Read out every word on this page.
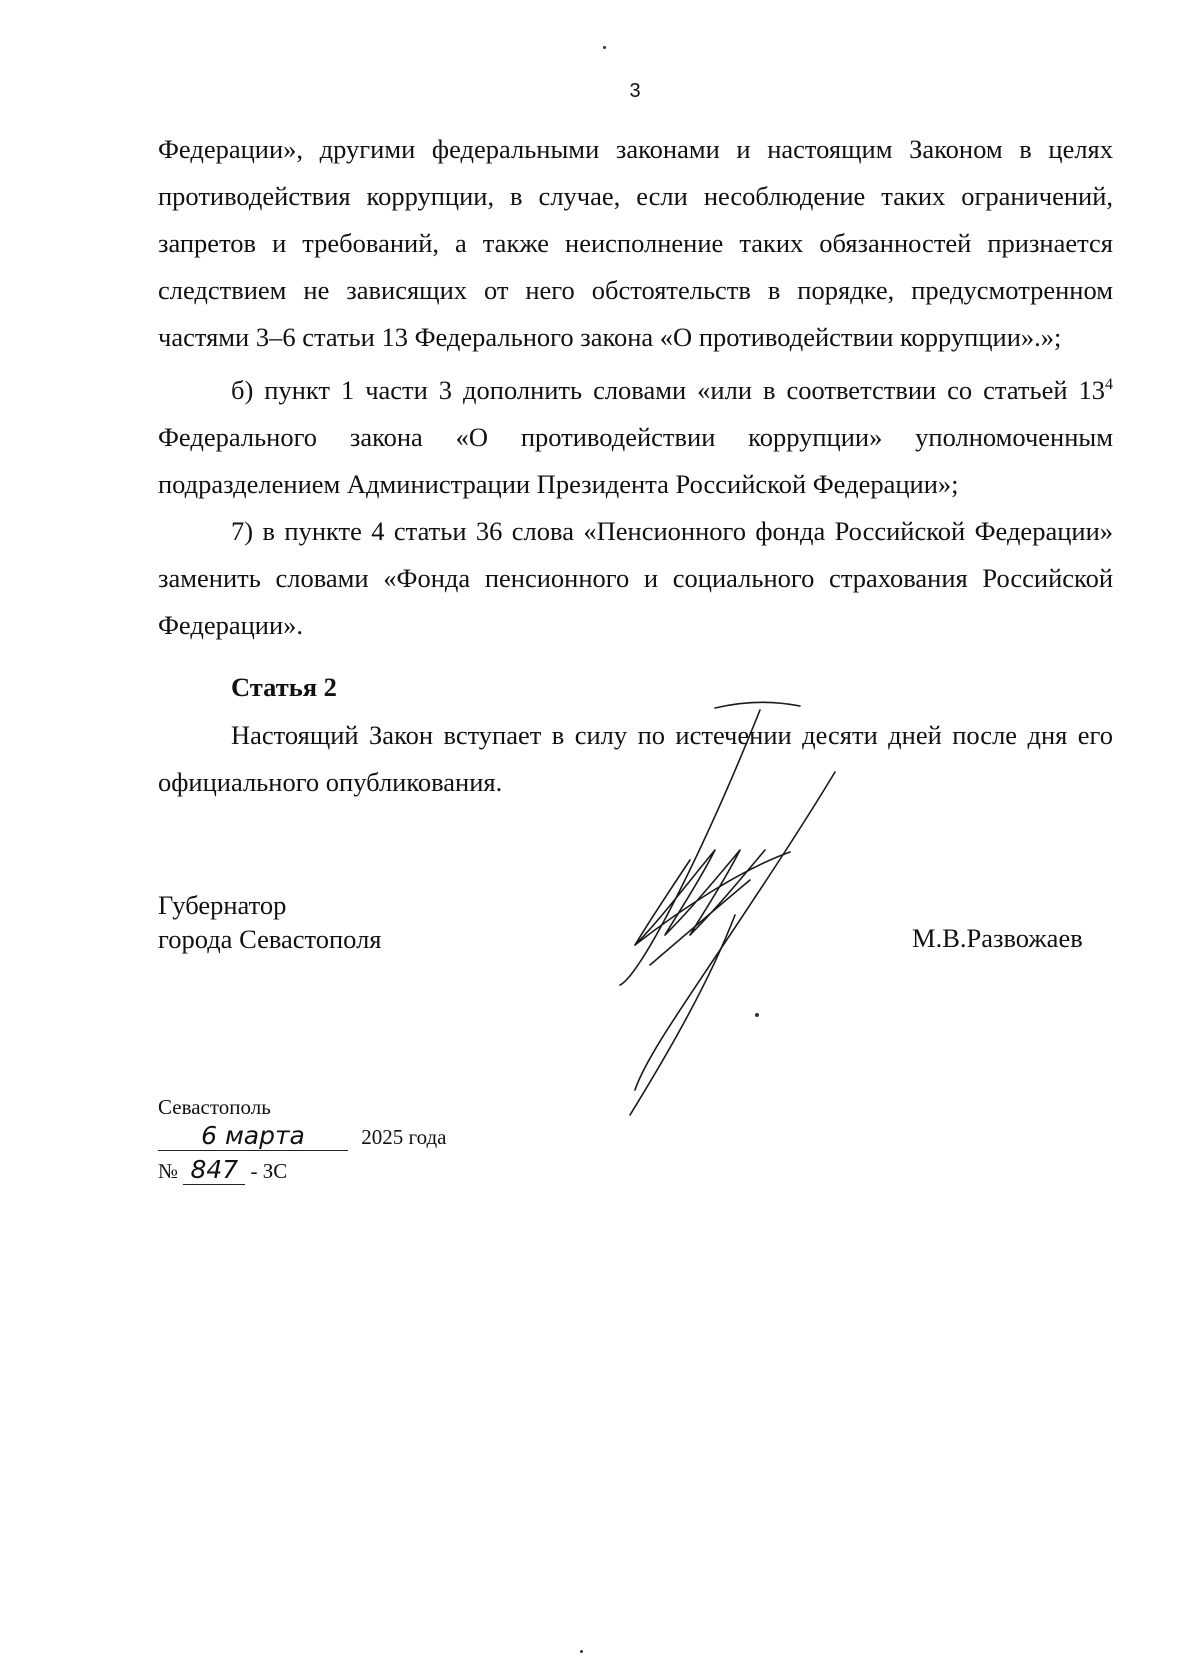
3

Федерации», другими федеральными законами и настоящим Законом в целях противодействия коррупции, в случае, если несоблюдение таких ограничений, запретов и требований, а также неисполнение таких обязанностей признается следствием не зависящих от него обстоятельств в порядке, предусмотренном частями 3–6 статьи 13 Федерального закона «О противодействии коррупции».»;

б) пункт 1 части 3 дополнить словами «или в соответствии со статьей $13^4$ Федерального закона «О противодействии коррупции» уполномоченным подразделением Администрации Президента Российской Федерации»;

7) в пункте 4 статьи 36 слова «Пенсионного фонда Российской Федерации» заменить словами «Фонда пенсионного и социального страхования Российской Федерации».

Статья 2

Настоящий Закон вступает в силу по истечении десяти дней после дня его официального опубликования.

Губернатор
города Севастополя	М.В.Развожаев
Севастополь
6 марта	2025 года
№ 847 - ЗС
